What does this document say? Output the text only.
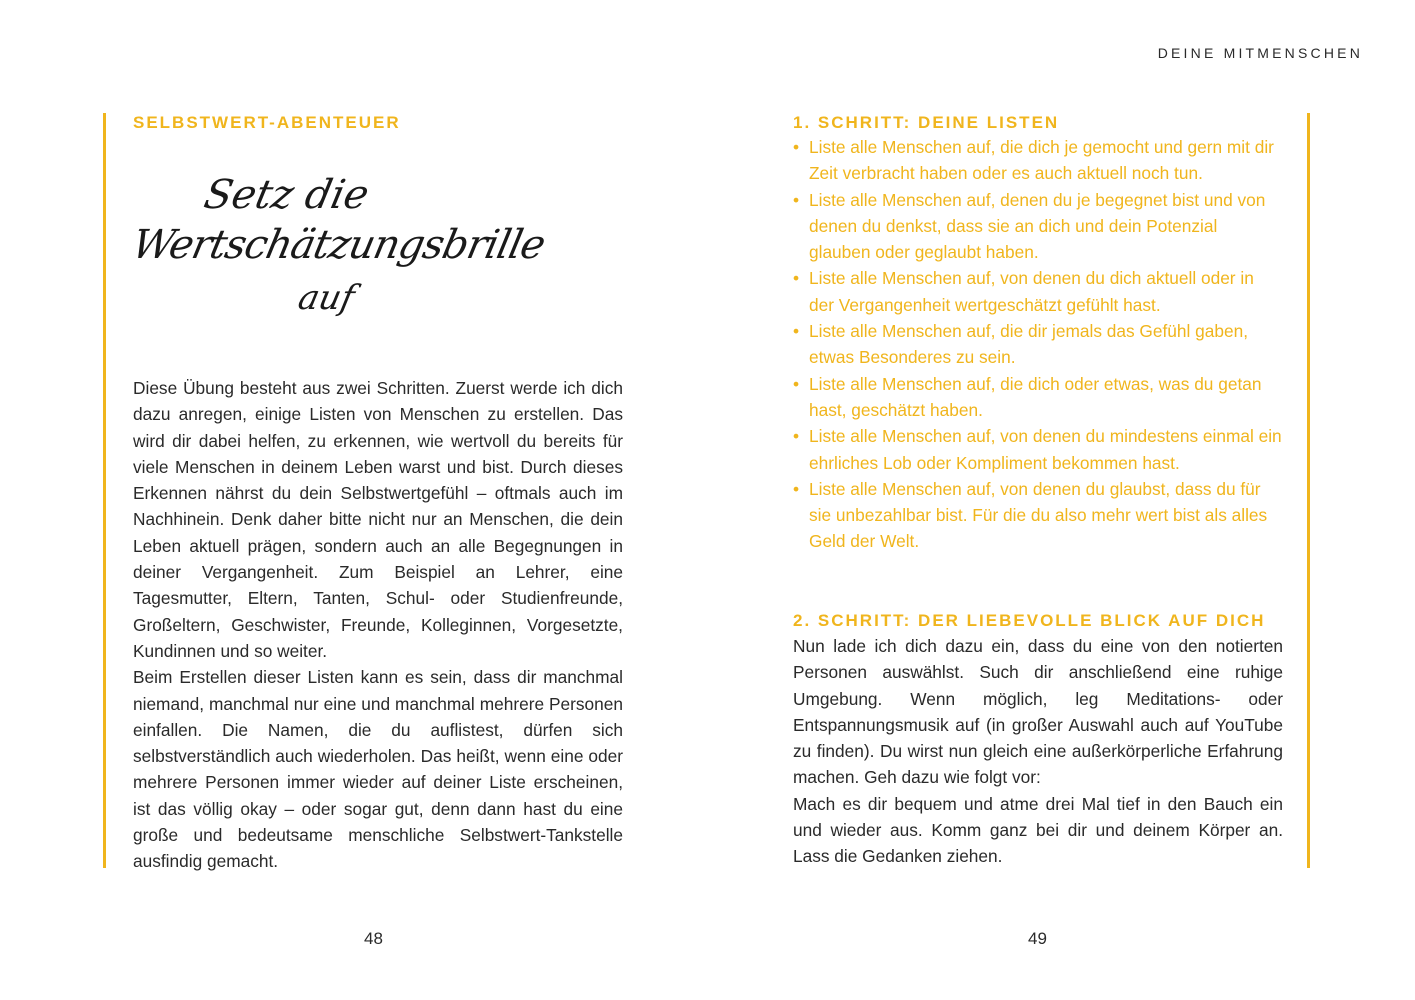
DEINE MITMENSCHEN
SELBSTWERT-ABENTEUER
Setz die
Wertschätzungsbrille
auf

Diese Übung besteht aus zwei Schritten. Zuerst werde ich dich dazu anregen, einige Listen von Menschen zu erstellen. Das wird dir dabei helfen, zu erkennen, wie wertvoll du bereits für viele Menschen in deinem Leben warst und bist. Durch dieses Erkennen nährst du dein Selbstwertgefühl – oftmals auch im Nachhinein. Denk daher bitte nicht nur an Menschen, die dein Leben aktuell prägen, sondern auch an alle Begegnungen in deiner Vergangenheit. Zum Beispiel an Lehrer, eine Tagesmutter, Eltern, Tanten, Schul- oder Studienfreunde, Großeltern, Geschwister, Freunde, Kolleginnen, Vorgesetzte, Kundinnen und so weiter.

Beim Erstellen dieser Listen kann es sein, dass dir manchmal niemand, manchmal nur eine und manchmal mehrere Personen einfallen. Die Namen, die du auflistest, dürfen sich selbstverständlich auch wiederholen. Das heißt, wenn eine oder mehrere Personen immer wieder auf deiner Liste erscheinen, ist das völlig okay – oder sogar gut, denn dann hast du eine große und bedeutsame menschliche Selbstwert-Tankstelle ausfindig gemacht.

48
1. SCHRITT: DEINE LISTEN
• Liste alle Menschen auf, die dich je gemocht und gern mit dir Zeit verbracht haben oder es auch aktuell noch tun.
• Liste alle Menschen auf, denen du je begegnet bist und von denen du denkst, dass sie an dich und dein Potenzial glauben oder geglaubt haben.
• Liste alle Menschen auf, von denen du dich aktuell oder in der Vergangenheit wertgeschätzt gefühlt hast.
• Liste alle Menschen auf, die dir jemals das Gefühl gaben, etwas Besonderes zu sein.
• Liste alle Menschen auf, die dich oder etwas, was du getan hast, geschätzt haben.
• Liste alle Menschen auf, von denen du mindestens einmal ein ehrliches Lob oder Kompliment bekommen hast.
• Liste alle Menschen auf, von denen du glaubst, dass du für sie unbezahlbar bist. Für die du also mehr wert bist als alles Geld der Welt.
2. SCHRITT: DER LIEBEVOLLE BLICK AUF DICH

Nun lade ich dich dazu ein, dass du eine von den notierten Personen auswählst. Such dir anschließend eine ruhige Umgebung. Wenn möglich, leg Meditations- oder Entspannungsmusik auf (in großer Auswahl auch auf YouTube zu finden). Du wirst nun gleich eine außerkörperliche Erfahrung machen. Geh dazu wie folgt vor:

Mach es dir bequem und atme drei Mal tief in den Bauch ein und wieder aus. Komm ganz bei dir und deinem Körper an. Lass die Gedanken ziehen.

49
